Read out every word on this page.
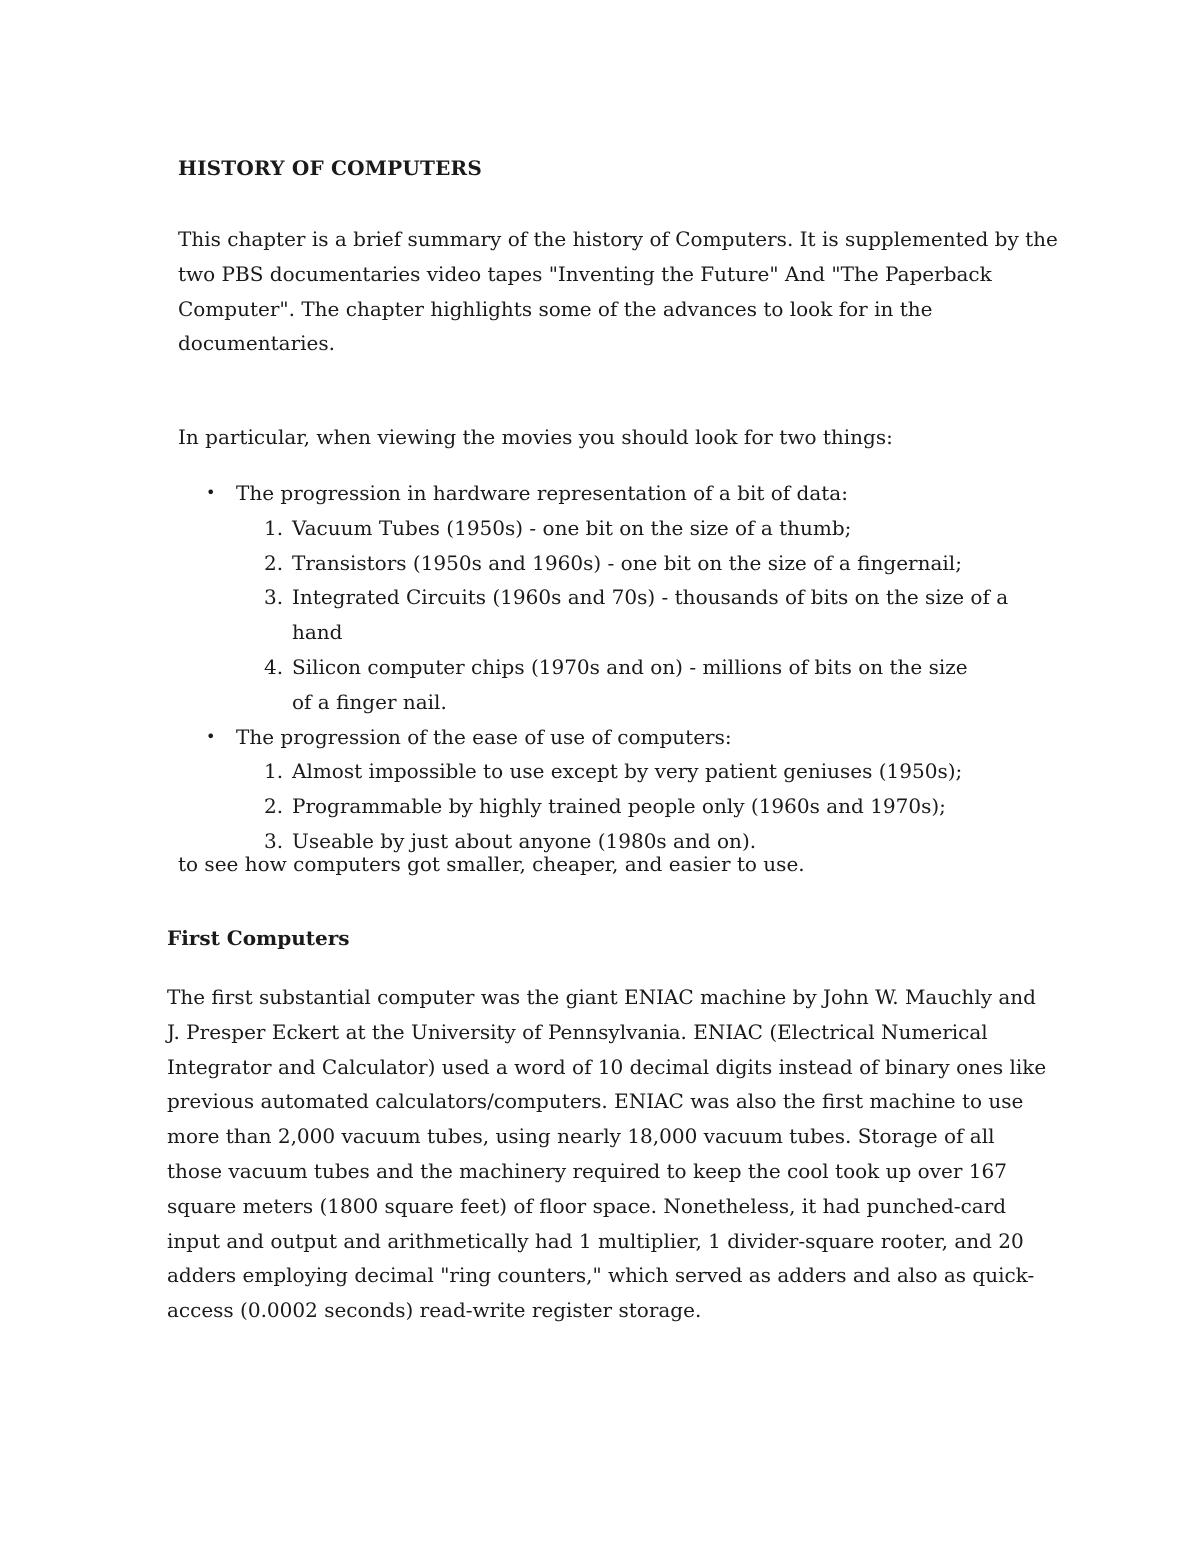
HISTORY OF COMPUTERS

This chapter is a brief summary of the history of Computers. It is supplemented by the two PBS documentaries video tapes "Inventing the Future" And "The Paperback Computer". The chapter highlights some of the advances to look for in the documentaries.

In particular, when viewing the movies you should look for two things:

• The progression in hardware representation of a bit of data:
1. Vacuum Tubes (1950s) - one bit on the size of a thumb;
2. Transistors (1950s and 1960s) - one bit on the size of a fingernail;
3. Integrated Circuits (1960s and 70s) - thousands of bits on the size of a hand
4. Silicon computer chips (1970s and on) - millions of bits on the size of a finger nail.
• The progression of the ease of use of computers:
1. Almost impossible to use except by very patient geniuses (1950s);
2. Programmable by highly trained people only (1960s and 1970s);
3. Useable by just about anyone (1980s and on).

to see how computers got smaller, cheaper, and easier to use.

First Computers

The first substantial computer was the giant ENIAC machine by John W. Mauchly and J. Presper Eckert at the University of Pennsylvania. ENIAC (Electrical Numerical Integrator and Calculator) used a word of 10 decimal digits instead of binary ones like previous automated calculators/computers. ENIAC was also the first machine to use more than 2,000 vacuum tubes, using nearly 18,000 vacuum tubes. Storage of all those vacuum tubes and the machinery required to keep the cool took up over 167 square meters (1800 square feet) of floor space. Nonetheless, it had punched-card input and output and arithmetically had 1 multiplier, 1 divider-square rooter, and 20 adders employing decimal "ring counters," which served as adders and also as quick-access (0.0002 seconds) read-write register storage.
